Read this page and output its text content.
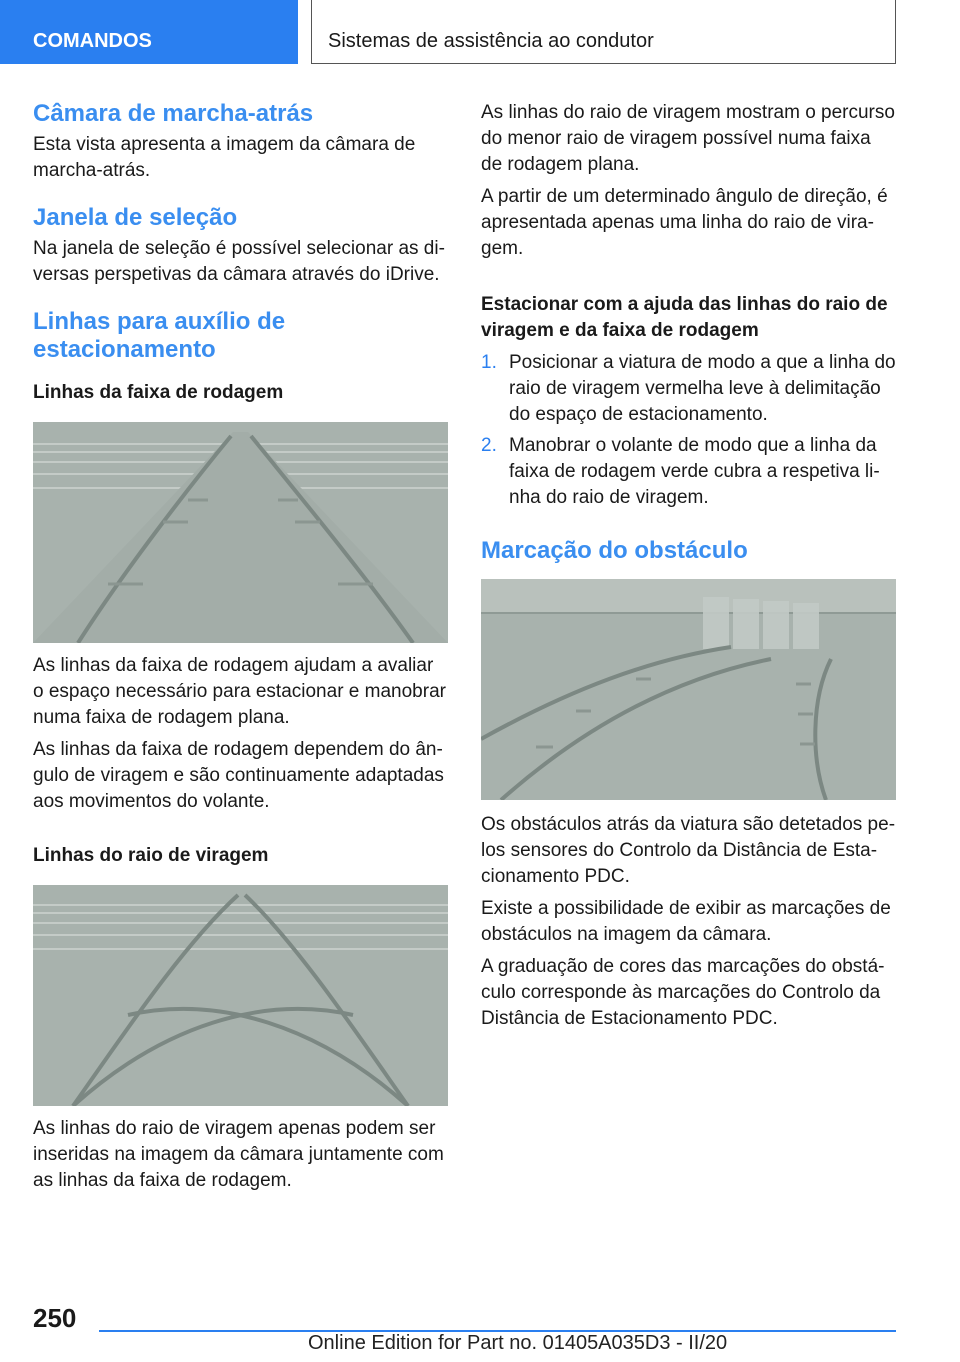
COMANDOS	Sistemas de assistência ao condutor
Câmara de marcha-atrás

Esta vista apresenta a imagem da câmara de marcha-atrás.

Janela de seleção

Na janela de seleção é possível selecionar as di-versas perspetivas da câmara através do iDrive.

Linhas para auxílio de estacionamento
Linhas da faixa de rodagem

As linhas da faixa de rodagem ajudam a avaliar o espaço necessário para estacionar e manobrar numa faixa de rodagem plana.

As linhas da faixa de rodagem dependem do ân-gulo de viragem e são continuamente adaptadas aos movimentos do volante.

Linhas do raio de viragem

As linhas do raio de viragem apenas podem ser inseridas na imagem da câmara juntamente com as linhas da faixa de rodagem.

As linhas do raio de viragem mostram o percurso do menor raio de viragem possível numa faixa de rodagem plana.

A partir de um determinado ângulo de direção, é apresentada apenas uma linha do raio de vira-gem.

Estacionar com a ajuda das linhas do raio de viragem e da faixa de rodagem
1. Posicionar a viatura de modo a que a linha do raio de viragem vermelha leve à delimitação do espaço de estacionamento.
2. Manobrar o volante de modo que a linha da faixa de rodagem verde cubra a respetiva li-nha do raio de viragem.
Marcação do obstáculo

Os obstáculos atrás da viatura são detetados pe-los sensores do Controlo da Distância de Esta-cionamento PDC.

Existe a possibilidade de exibir as marcações de obstáculos na imagem da câmara.

A graduação de cores das marcações do obstá-culo corresponde às marcações do Controlo da Distância de Estacionamento PDC.

250
Online Edition for Part no. 01405A035D3 - II/20
